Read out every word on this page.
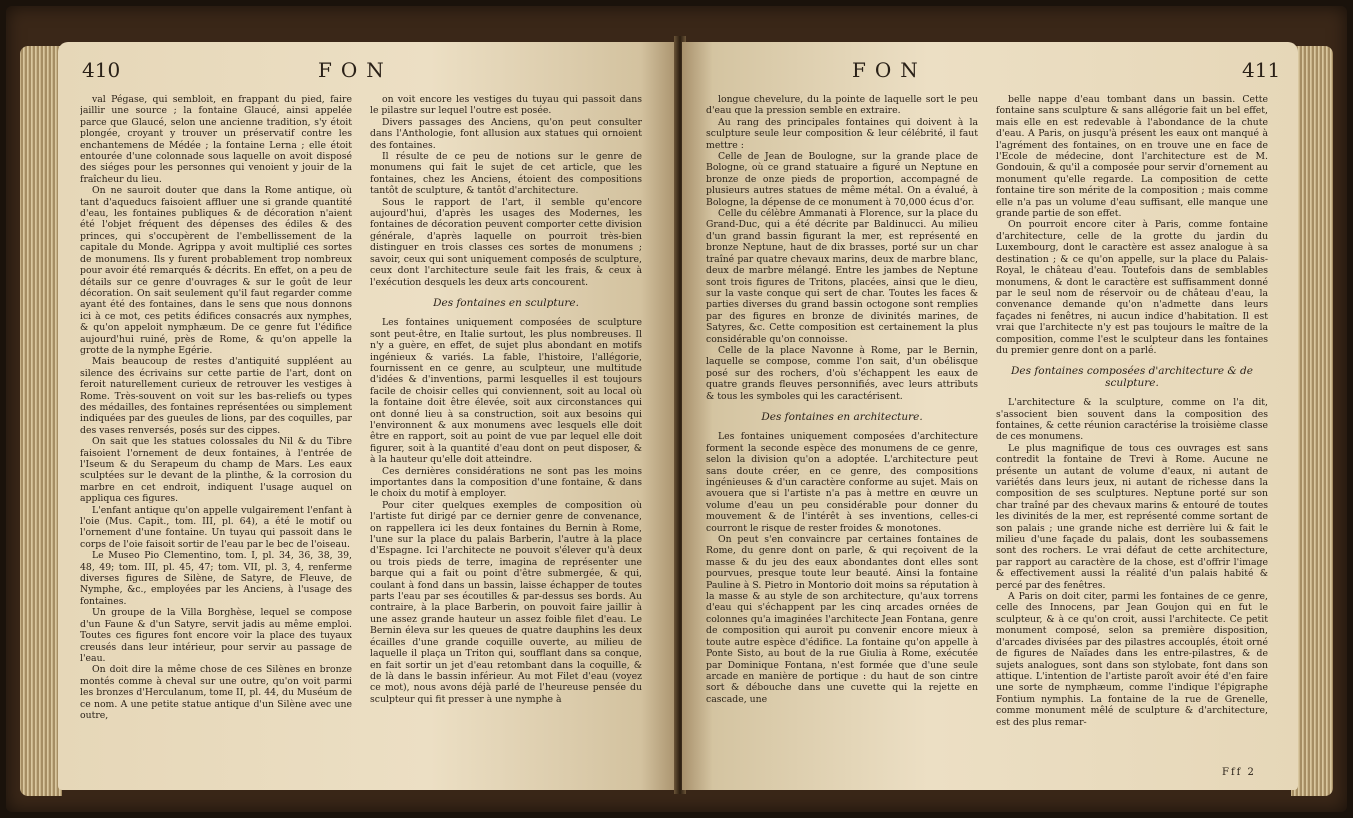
410	FON

val Pégase, qui sembloit, en frappant du pied, faire jaillir une source ; la fontaine Glaucé, ainsi appelée parce que Glaucé, selon une ancienne tradition, s'y étoit plongée, croyant y trouver un préservatif contre les enchantemens de Médée ; la fontaine Lerna ; elle étoit entourée d'une colonnade sous laquelle on avoit disposé des siéges pour les personnes qui venoient y jouir de la fraîcheur du lieu.

On ne sauroit douter que dans la Rome antique, où tant d'aqueducs faisoient affluer une si grande quantité d'eau, les fontaines publiques & de décoration n'aient été l'objet fréquent des dépenses des édiles & des princes, qui s'occupèrent de l'embellissement de la capitale du Monde. Agrippa y avoit multiplié ces sortes de monumens. Ils y furent probablement trop nombreux pour avoir été remarqués & décrits. En effet, on a peu de détails sur ce genre d'ouvrages & sur le goût de leur décoration. On sait seulement qu'il faut regarder comme ayant été des fontaines, dans le sens que nous donnons ici à ce mot, ces petits édifices consacrés aux nymphes, & qu'on appeloit nymphæum. De ce genre fut l'édifice aujourd'hui ruiné, près de Rome, & qu'on appelle la grotte de la nymphe Egérie.

Mais beaucoup de restes d'antiquité suppléent au silence des écrivains sur cette partie de l'art, dont on feroit naturellement curieux de retrouver les vestiges à Rome. Très-souvent on voit sur les bas-reliefs ou types des médailles, des fontaines représentées ou simplement indiquées par des gueules de lions, par des coquilles, par des vases renversés, posés sur des cippes.

On sait que les statues colossales du Nil & du Tibre faisoient l'ornement de deux fontaines, à l'entrée de l'Iseum & du Serapeum du champ de Mars. Les eaux sculptées sur le devant de la plinthe, & la corrosion du marbre en cet endroit, indiquent l'usage auquel on appliqua ces figures.

L'enfant antique qu'on appelle vulgairement l'enfant à l'oie (Mus. Capit., tom. III, pl. 64), a été le motif ou l'ornement d'une fontaine. Un tuyau qui passoit dans le corps de l'oie faisoit sortir de l'eau par le bec de l'oiseau.

Le Museo Pio Clementino, tom. I, pl. 34, 36, 38, 39, 48, 49; tom. III, pl. 45, 47; tom. VII, pl. 3, 4, renferme diverses figures de Silène, de Satyre, de Fleuve, de Nymphe, &c., employées par les Anciens, à l'usage des fontaines.

Un groupe de la Villa Borghèse, lequel se compose d'un Faune & d'un Satyre, servit jadis au même emploi. Toutes ces figures font encore voir la place des tuyaux creusés dans leur intérieur, pour servir au passage de l'eau.

On doit dire la même chose de ces Silènes en bronze montés comme à cheval sur une outre, qu'on voit parmi les bronzes d'Herculanum, tome II, pl. 44, du Muséum de ce nom. A une petite statue antique d'un Silène avec une outre,

on voit encore les vestiges du tuyau qui passoit dans le pilastre sur lequel l'outre est posée.

Divers passages des Anciens, qu'on peut consulter dans l'Anthologie, font allusion aux statues qui ornoient des fontaines.

Il résulte de ce peu de notions sur le genre de monumens qui fait le sujet de cet article, que les fontaines, chez les Anciens, étoient des compositions tantôt de sculpture, & tantôt d'architecture.

Sous le rapport de l'art, il semble qu'encore aujourd'hui, d'après les usages des Modernes, les fontaines de décoration peuvent comporter cette division générale, d'après laquelle on pourroit très-bien distinguer en trois classes ces sortes de monumens ; savoir, ceux qui sont uniquement composés de sculpture, ceux dont l'architecture seule fait les frais, & ceux à l'exécution desquels les deux arts concourent.

Des fontaines en sculpture.

Les fontaines uniquement composées de sculpture sont peut-être, en Italie surtout, les plus nombreuses. Il n'y a guère, en effet, de sujet plus abondant en motifs ingénieux & variés. La fable, l'histoire, l'allégorie, fournissent en ce genre, au sculpteur, une multitude d'idées & d'inventions, parmi lesquelles il est toujours facile de choisir celles qui conviennent, soit au local où la fontaine doit être élevée, soit aux circonstances qui ont donné lieu à sa construction, soit aux besoins qui l'environnent & aux monumens avec lesquels elle doit être en rapport, soit au point de vue par lequel elle doit figurer, soit à la quantité d'eau dont on peut disposer, & à la hauteur qu'elle doit atteindre.

Ces dernières considérations ne sont pas les moins importantes dans la composition d'une fontaine, & dans le choix du motif à employer.

Pour citer quelques exemples de composition où l'artiste fut dirigé par ce dernier genre de convenance, on rappellera ici les deux fontaines du Bernin à Rome, l'une sur la place du palais Barberin, l'autre à la place d'Espagne. Ici l'architecte ne pouvoit s'élever qu'à deux ou trois pieds de terre, imagina de représenter une barque qui a fait ou point d'être submergée, & qui, coulant à fond dans un bassin, laisse échapper de toutes parts l'eau par ses écoutilles & par-dessus ses bords. Au contraire, à la place Barberin, on pouvoit faire jaillir à une assez grande hauteur un assez foible filet d'eau. Le Bernin éleva sur les queues de quatre dauphins les deux écailles d'une grande coquille ouverte, au milieu de laquelle il plaça un Triton qui, soufflant dans sa conque, en fait sortir un jet d'eau retombant dans la coquille, & de là dans le bassin inférieur. Au mot Filet d'eau (voyez ce mot), nous avons déjà parlé de l'heureuse pensée du sculpteur qui fit presser à une nymphe à

FON	411

longue chevelure, du la pointe de laquelle sort le peu d'eau que la pression semble en extraire.

Au rang des principales fontaines qui doivent à la sculpture seule leur composition & leur célébrité, il faut mettre :

Celle de Jean de Boulogne, sur la grande place de Bologne, où ce grand statuaire a figuré un Neptune en bronze de onze pieds de proportion, accompagné de plusieurs autres statues de même métal. On a évalué, à Bologne, la dépense de ce monument à 70,000 écus d'or.

Celle du célèbre Ammanati à Florence, sur la place du Grand-Duc, qui a été décrite par Baldinucci. Au milieu d'un grand bassin figurant la mer, est représenté en bronze Neptune, haut de dix brasses, porté sur un char traîné par quatre chevaux marins, deux de marbre blanc, deux de marbre mélangé. Entre les jambes de Neptune sont trois figures de Tritons, placées, ainsi que le dieu, sur la vaste conque qui sert de char. Toutes les faces & parties diverses du grand bassin octogone sont remplies par des figures en bronze de divinités marines, de Satyres, &c. Cette composition est certainement la plus considérable qu'on connoisse.

Celle de la place Navonne à Rome, par le Bernin, laquelle se compose, comme l'on sait, d'un obélisque posé sur des rochers, d'où s'échappent les eaux de quatre grands fleuves personnifiés, avec leurs attributs & tous les symboles qui les caractérisent.

Des fontaines en architecture.

Les fontaines uniquement composées d'architecture forment la seconde espèce des monumens de ce genre, selon la division qu'on a adoptée. L'architecture peut sans doute créer, en ce genre, des compositions ingénieuses & d'un caractère conforme au sujet. Mais on avouera que si l'artiste n'a pas à mettre en œuvre un volume d'eau un peu considérable pour donner du mouvement & de l'intérêt à ses inventions, celles-ci courront le risque de rester froides & monotones.

On peut s'en convaincre par certaines fontaines de Rome, du genre dont on parle, & qui reçoivent de la masse & du jeu des eaux abondantes dont elles sont pourvues, presque toute leur beauté. Ainsi la fontaine Pauline à S. Pietro in Montorio doit moins sa réputation à la masse & au style de son architecture, qu'aux torrens d'eau qui s'échappent par les cinq arcades ornées de colonnes qu'a imaginées l'architecte Jean Fontana, genre de composition qui auroit pu convenir encore mieux à toute autre espèce d'édifice. La fontaine qu'on appelle à Ponte Sisto, au bout de la rue Giulia à Rome, exécutée par Dominique Fontana, n'est formée que d'une seule arcade en manière de portique : du haut de son cintre sort & débouche dans une cuvette qui la rejette en cascade, une

belle nappe d'eau tombant dans un bassin. Cette fontaine sans sculpture & sans allégorie fait un bel effet, mais elle en est redevable à l'abondance de la chute d'eau. A Paris, on jusqu'à présent les eaux ont manqué à l'agrément des fontaines, on en trouve une en face de l'Ecole de médecine, dont l'architecture est de M. Gondouin, & qu'il a composée pour servir d'ornement au monument qu'elle regarde. La composition de cette fontaine tire son mérite de la composition ; mais comme elle n'a pas un volume d'eau suffisant, elle manque une grande partie de son effet.

On pourroit encore citer à Paris, comme fontaine d'architecture, celle de la grotte du jardin du Luxembourg, dont le caractère est assez analogue à sa destination ; & ce qu'on appelle, sur la place du Palais-Royal, le château d'eau. Toutefois dans de semblables monumens, & dont le caractère est suffisamment donné par le seul nom de réservoir ou de château d'eau, la convenance demande qu'on n'admette dans leurs façades ni fenêtres, ni aucun indice d'habitation. Il est vrai que l'architecte n'y est pas toujours le maître de la composition, comme l'est le sculpteur dans les fontaines du premier genre dont on a parlé.

Des fontaines composées d'architecture & de sculpture.

L'architecture & la sculpture, comme on l'a dit, s'associent bien souvent dans la composition des fontaines, & cette réunion caractérise la troisième classe de ces monumens.

Le plus magnifique de tous ces ouvrages est sans contredit la fontaine de Trevi à Rome. Aucune ne présente un autant de volume d'eaux, ni autant de variétés dans leurs jeux, ni autant de richesse dans la composition de ses sculptures. Neptune porté sur son char traîné par des chevaux marins & entouré de toutes les divinités de la mer, est représenté comme sortant de son palais ; une grande niche est derrière lui & fait le milieu d'une façade du palais, dont les soubassemens sont des rochers. Le vrai défaut de cette architecture, par rapport au caractère de la chose, est d'offrir l'image & effectivement aussi la réalité d'un palais habité & percé par des fenêtres.

A Paris on doit citer, parmi les fontaines de ce genre, celle des Innocens, par Jean Goujon qui en fut le sculpteur, & à ce qu'on croit, aussi l'architecte. Ce petit monument composé, selon sa première disposition, d'arcades divisées par des pilastres accouplés, étoit orné de figures de Naïades dans les entre-pilastres, & de sujets analogues, sont dans son stylobate, font dans son attique. L'intention de l'artiste paroît avoir été d'en faire une sorte de nymphæum, comme l'indique l'épigraphe Fontium nymphis. La fontaine de la rue de Grenelle, comme monument mêlé de sculpture & d'architecture, est des plus remar-

Fff 2
